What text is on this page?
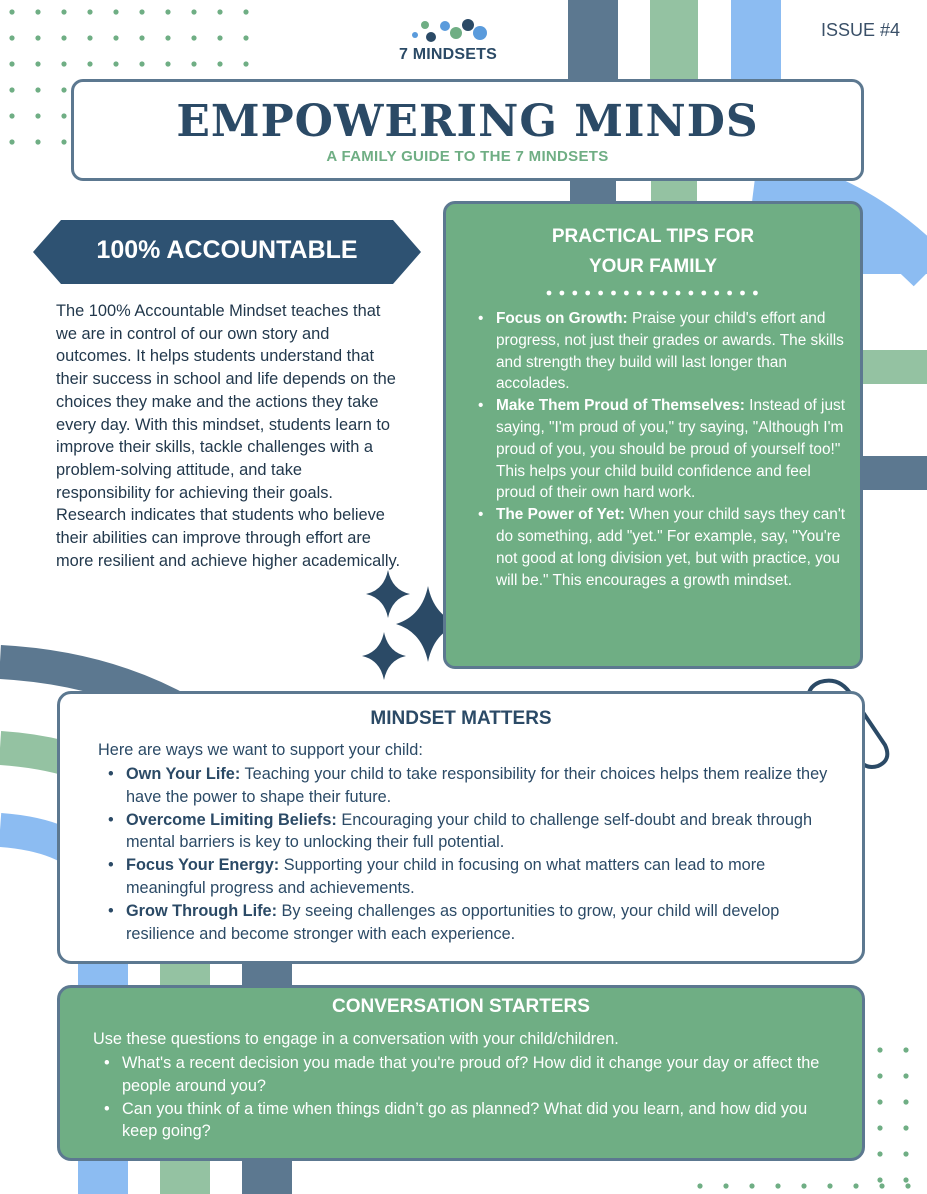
7 MINDSETS
ISSUE #4
EMPOWERING MINDS
A FAMILY GUIDE TO THE 7 MINDSETS
100% ACCOUNTABLE
The 100% Accountable Mindset teaches that we are in control of our own story and outcomes. It helps students understand that their success in school and life depends on the choices they make and the actions they take every day. With this mindset, students learn to improve their skills, tackle challenges with a problem-solving attitude, and take responsibility for achieving their goals. Research indicates that students who believe their abilities can improve through effort are more resilient and achieve higher academically.
PRACTICAL TIPS FOR
YOUR FAMILY
• Focus on Growth: Praise your child's effort and progress, not just their grades or awards. The skills and strength they build will last longer than accolades.
• Make Them Proud of Themselves: Instead of just saying, "I'm proud of you," try saying, "Although I'm proud of you, you should be proud of yourself too!" This helps your child build confidence and feel proud of their own hard work.
• The Power of Yet: When your child says they can't do something, add "yet." For example, say, "You're not good at long division yet, but with practice, you will be." This encourages a growth mindset.
MINDSET MATTERS
Here are ways we want to support your child:
• Own Your Life: Teaching your child to take responsibility for their choices helps them realize they have the power to shape their future.
• Overcome Limiting Beliefs: Encouraging your child to challenge self-doubt and break through mental barriers is key to unlocking their full potential.
• Focus Your Energy: Supporting your child in focusing on what matters can lead to more meaningful progress and achievements.
• Grow Through Life: By seeing challenges as opportunities to grow, your child will develop resilience and become stronger with each experience.
CONVERSATION STARTERS
Use these questions to engage in a conversation with your child/children.
• What's a recent decision you made that you're proud of? How did it change your day or affect the people around you?
• Can you think of a time when things didn’t go as planned? What did you learn, and how did you keep going?
